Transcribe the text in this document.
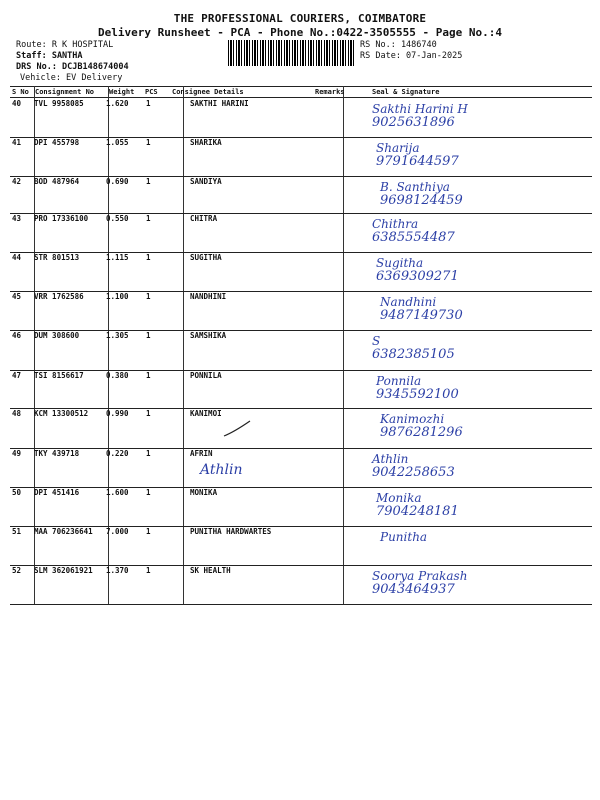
THE PROFESSIONAL COURIERS, COIMBATORE
Delivery Runsheet - PCA - Phone No.:0422-3505555 - Page No.:4
Route: R K HOSPITAL
Staff: SANTHA
DRS No.: DCJB148674004
Vehicle: EV Delivery
RS No.: 1486740
RS Date: 07-Jan-2025
S No Consignment No Weight PCS Consignee Details	Remarks	Seal & Signature
40 TVL 9958085	1.620 1	SAKTHI HARINI	Sakthi Harini H
9025631896
41 DPI 455798	1.055 1	SHARIKA	Sharija
9791644597
42 BOD 487964	0.690 1	SANDIYA	B. Santhiya
9698124459
43 PRO 17336100 0.550 1	CHITRA	Chithra
6385554487
44 STR 801513	1.115 1	SUGITHA	Sugitha
6369309271
45 VRR 1762586	1.100 1	NANDHINI	Nandhini
9487149730
46 DUM 308600	1.305 1	SAMSHIKA	S
6382385105
47 TSI 8156617	0.380 1	PONNILA	Ponnila
9345592100
48 KCM 13300512 0.990 1	KANIMOI	Kanimozhi
9876281296
49 TKY 439718	0.220 1	AFRIN	Athlin
9042258653
50 DPI 451416	1.600 1	MONIKA	Monika
7904248181
51 MAA 706236641 7.000 1	PUNITHA HARDWARTES	Punitha
52 SLM 362061921 1.370 1	SK HEALTH	Soorya Prakash
9043464937
Athlin
